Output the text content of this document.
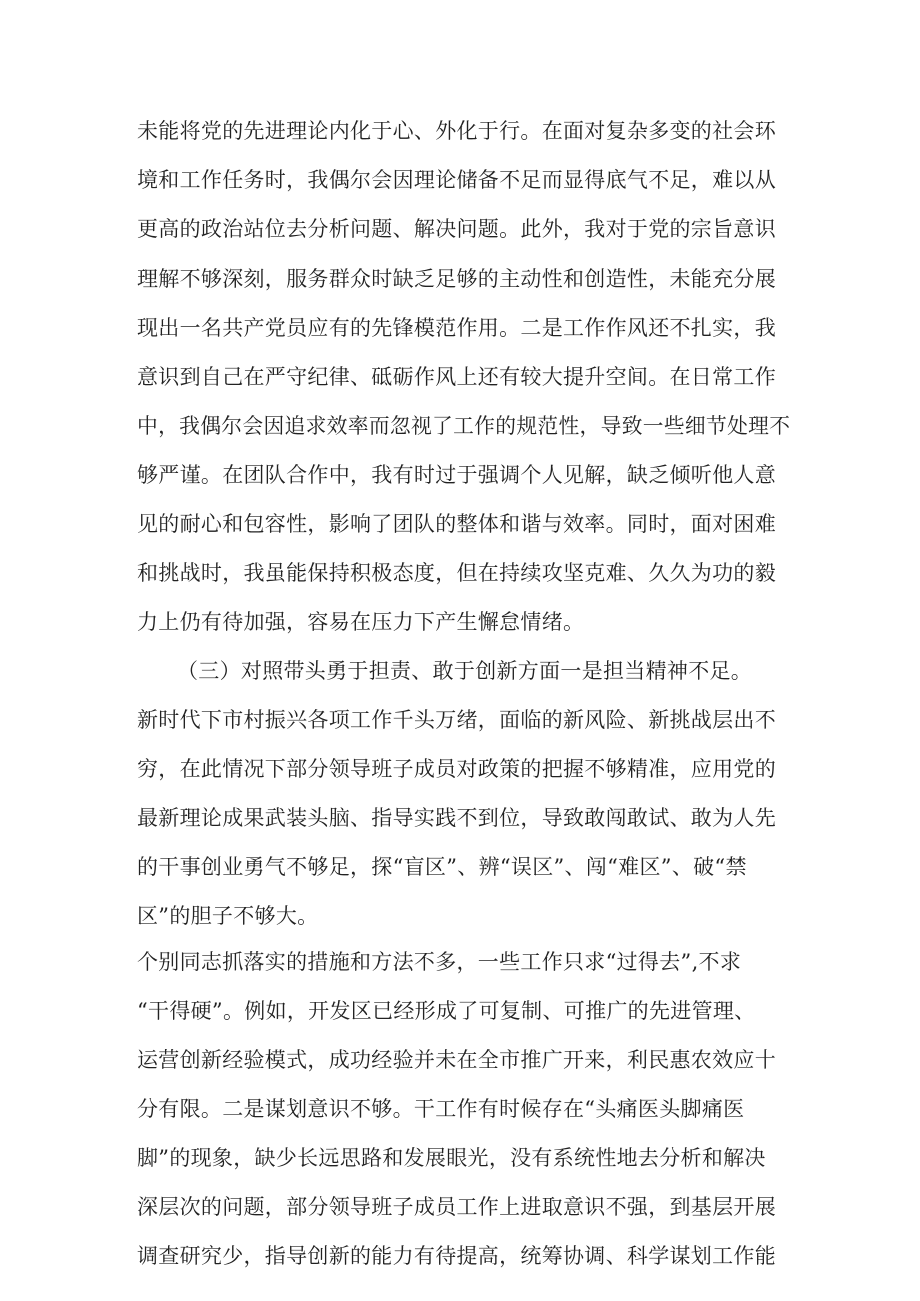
未能将党的先进理论内化于心、外化于行。在面对复杂多变的社会环
境和工作任务时，我偶尔会因理论储备不足而显得底气不足，难以从
更高的政治站位去分析问题、解决问题。此外，我对于党的宗旨意识
理解不够深刻，服务群众时缺乏足够的主动性和创造性，未能充分展
现出一名共产党员应有的先锋模范作用。二是工作作风还不扎实，我
意识到自己在严守纪律、砥砺作风上还有较大提升空间。在日常工作
中，我偶尔会因追求效率而忽视了工作的规范性，导致一些细节处理不
够严谨。在团队合作中，我有时过于强调个人见解，缺乏倾听他人意
见的耐心和包容性，影响了团队的整体和谐与效率。同时，面对困难
和挑战时，我虽能保持积极态度，但在持续攻坚克难、久久为功的毅
力上仍有待加强，容易在压力下产生懈怠情绪。
（三）对照带头勇于担责、敢于创新方面一是担当精神不足。
新时代下市村振兴各项工作千头万绪，面临的新风险、新挑战层出不
穷，在此情况下部分领导班子成员对政策的把握不够精准，应用党的
最新理论成果武装头脑、指导实践不到位，导致敢闯敢试、敢为人先
的干事创业勇气不够足，探“盲区”、辨“误区”、闯“难区”、破“禁
区”的胆子不够大。
个别同志抓落实的措施和方法不多，一些工作只求“过得去”,不求
“干得硬”。例如，开发区已经形成了可复制、可推广的先进管理、
运营创新经验模式，成功经验并未在全市推广开来，利民惠农效应十
分有限。二是谋划意识不够。干工作有时候存在“头痛医头脚痛医
脚”的现象，缺少长远思路和发展眼光，没有系统性地去分析和解决
深层次的问题，部分领导班子成员工作上进取意识不强，到基层开展
调查研究少，指导创新的能力有待提高，统筹协调、科学谋划工作能
